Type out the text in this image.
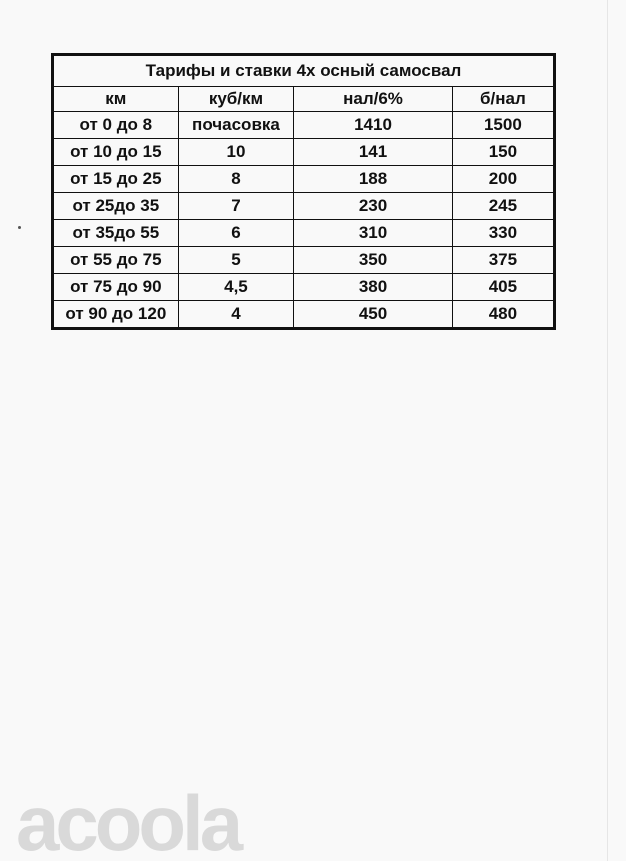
Тарифы и ставки 4х осный самосвал			
км	куб/км	нал/6%	б/нал
от 0 до 8	почасовка	1410	1500
от 10 до 15	10	141	150
от 15 до 25	8	188	200
от 25до 35	7	230	245
от 35до 55	6	310	330
от 55 до 75	5	350	375
от 75 до 90	4,5	380	405
от 90 до 120	4	450	480
acoola
